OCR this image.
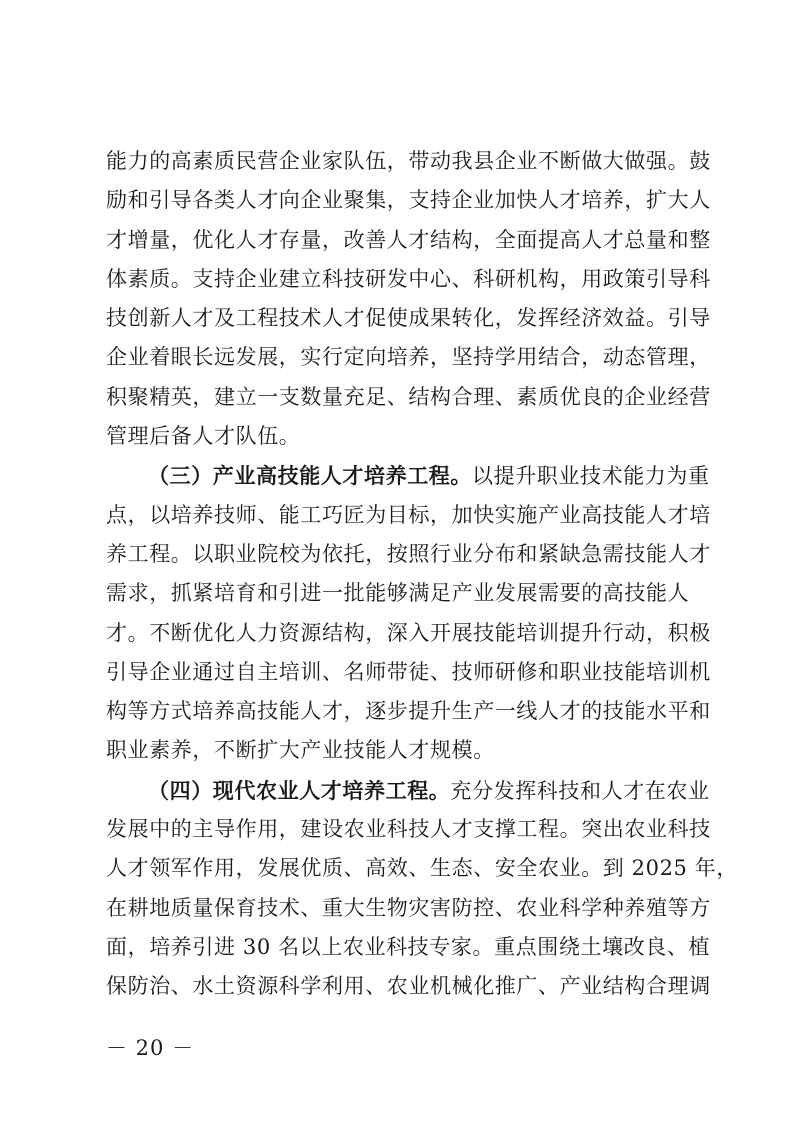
能力的高素质民营企业家队伍，带动我县企业不断做大做强。鼓
励和引导各类人才向企业聚集，支持企业加快人才培养，扩大人
才增量，优化人才存量，改善人才结构，全面提高人才总量和整
体素质。支持企业建立科技研发中心、科研机构，用政策引导科
技创新人才及工程技术人才促使成果转化，发挥经济效益。引导
企业着眼长远发展，实行定向培养，坚持学用结合，动态管理，
积聚精英，建立一支数量充足、结构合理、素质优良的企业经营
管理后备人才队伍。
（三）产业高技能人才培养工程。以提升职业技术能力为重
点，以培养技师、能工巧匠为目标，加快实施产业高技能人才培
养工程。以职业院校为依托，按照行业分布和紧缺急需技能人才
需求，抓紧培育和引进一批能够满足产业发展需要的高技能人
才。不断优化人力资源结构，深入开展技能培训提升行动，积极
引导企业通过自主培训、名师带徒、技师研修和职业技能培训机
构等方式培养高技能人才，逐步提升生产一线人才的技能水平和
职业素养，不断扩大产业技能人才规模。
（四）现代农业人才培养工程。充分发挥科技和人才在农业
发展中的主导作用，建设农业科技人才支撑工程。突出农业科技
人才领军作用，发展优质、高效、生态、安全农业。到 2025 年，
在耕地质量保育技术、重大生物灾害防控、农业科学种养殖等方
面，培养引进 30 名以上农业科技专家。重点围绕土壤改良、植
保防治、水土资源科学利用、农业机械化推广、产业结构合理调
－ 20 －
